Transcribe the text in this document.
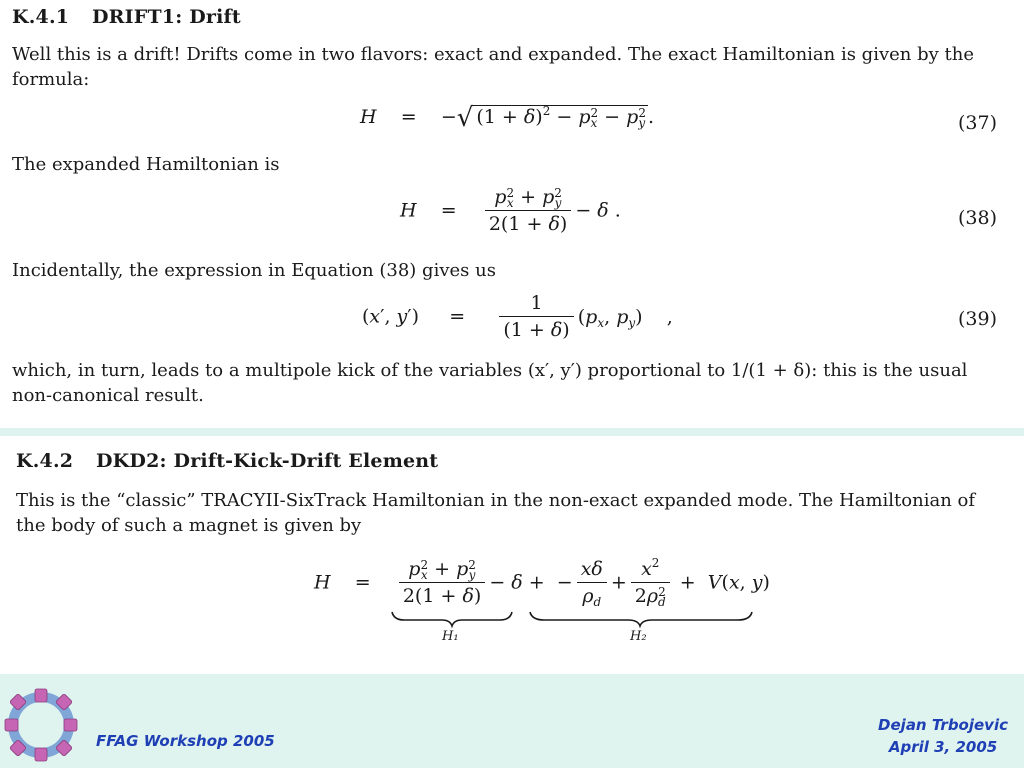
K.4.1 DRIFT1: Drift
Well this is a drift! Drifts come in two flavors: exact and expanded. The exact Hamiltonian is given by the
formula:
H    =    −√ $(1 + \delta)^2 - p2$
x − p2
y .	(37)
The expanded Hamiltonian is
H =
p2
x + p2
y
2(1 + δ)
− δ .	(38)
Incidentally, the expression in Equation (38) gives us
(x′, $y') = \frac{1}{(1 + \delta)} (p_x$, $p_y$)    ,	(39)
which, in turn, leads to a multipole kick of the variables (x′, y′) proportional to 1/(1 + δ): this is the usual
non-canonical result.
K.4.2 DKD2: Drift-Kick-Drift Element
This is the “classic” TRACYII-SixTrack Hamiltonian in the non-exact expanded mode. The Hamiltonian of
the body of such a magnet is given by
H =
p2
x + p2
y
2(1 + δ)
− δ +  − $\frac{x\delta}{\rho_d}$ +
$x^2$
2ρ2
d
+  V(x, y)
H₁	H₂
FFAG Workshop 2005
Dejan Trbojevic
April 3, 2005
